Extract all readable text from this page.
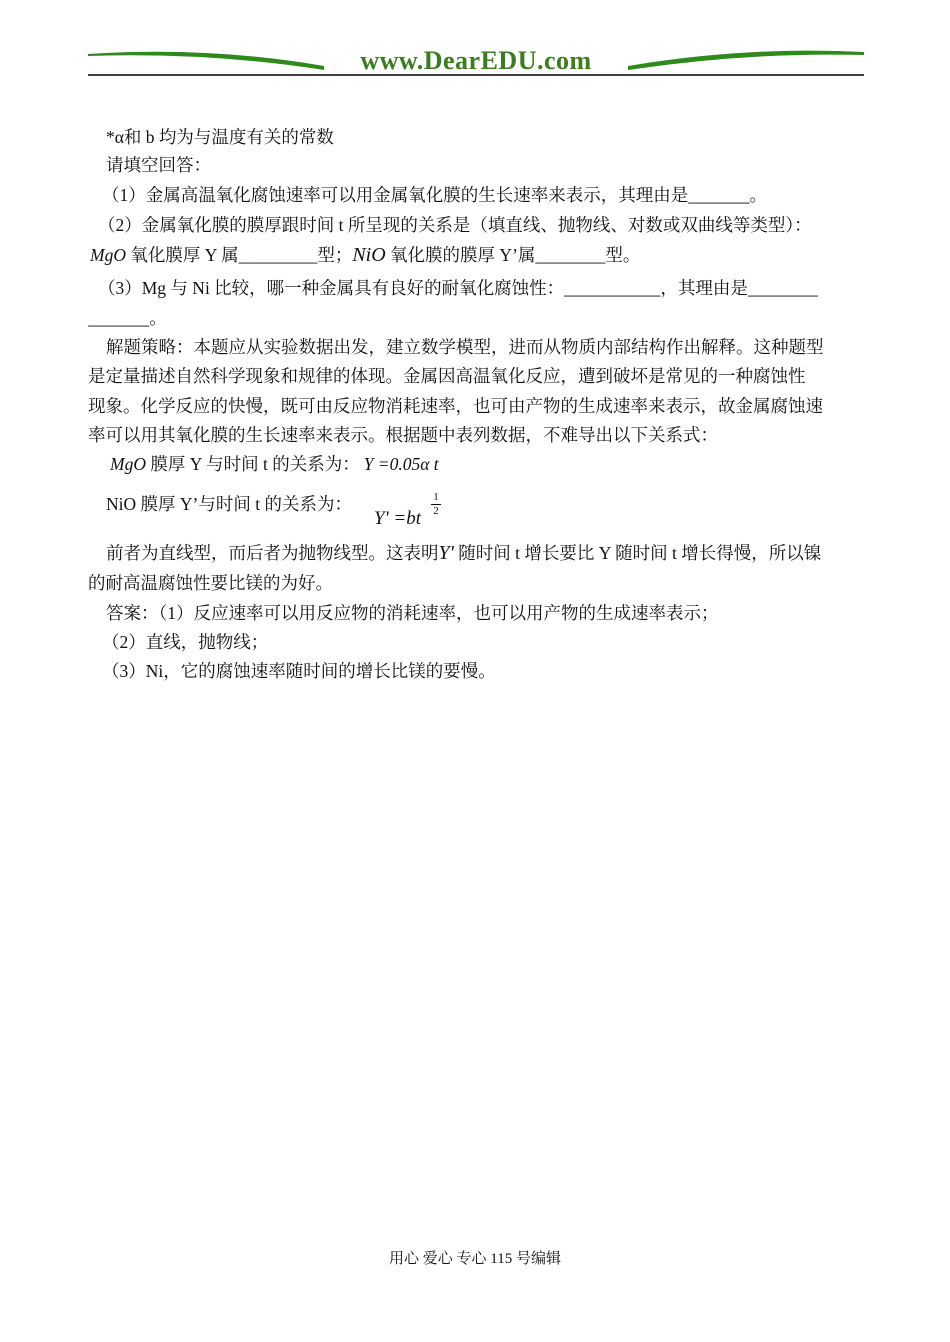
www.DearEDU.com
*α和 b 均为与温度有关的常数
请填空回答：
（1）金属高温氧化腐蚀速率可以用金属氧化膜的生长速率来表示，其理由是_______。
（2）金属氧化膜的膜厚跟时间 t 所呈现的关系是（填直线、抛物线、对数或双曲线等类型）：
MgO 氧化膜厚 Y 属_________型；NiO 氧化膜的膜厚 Y’属________型。
（3）Mg 与 Ni 比较，哪一种金属具有良好的耐氧化腐蚀性：___________，其理由是________
_______。
解题策略：本题应从实验数据出发，建立数学模型，进而从物质内部结构作出解释。这种题型
是定量描述自然科学现象和规律的体现。金属因高温氧化反应，遭到破坏是常见的一种腐蚀性
现象。化学反应的快慢，既可由反应物消耗速率，也可由产物的生成速率来表示，故金属腐蚀速
率可以用其氧化膜的生长速率来表示。根据题中表列数据，不难导出以下关系式：
MgO 膜厚 Y 与时间 t 的关系为： Y =0.05α t
NiO 膜厚 Y’与时间 t 的关系为：
Y' =bt
1
2
前者为直线型，而后者为抛物线型。这表明Y' 随时间 t 增长要比 Y 随时间 t 增长得慢，所以镍
的耐高温腐蚀性要比镁的为好。
答案：（1）反应速率可以用反应物的消耗速率，也可以用产物的生成速率表示；
（2）直线，抛物线；
（3）Ni，它的腐蚀速率随时间的增长比镁的要慢。
用心 爱心 专心 115 号编辑
